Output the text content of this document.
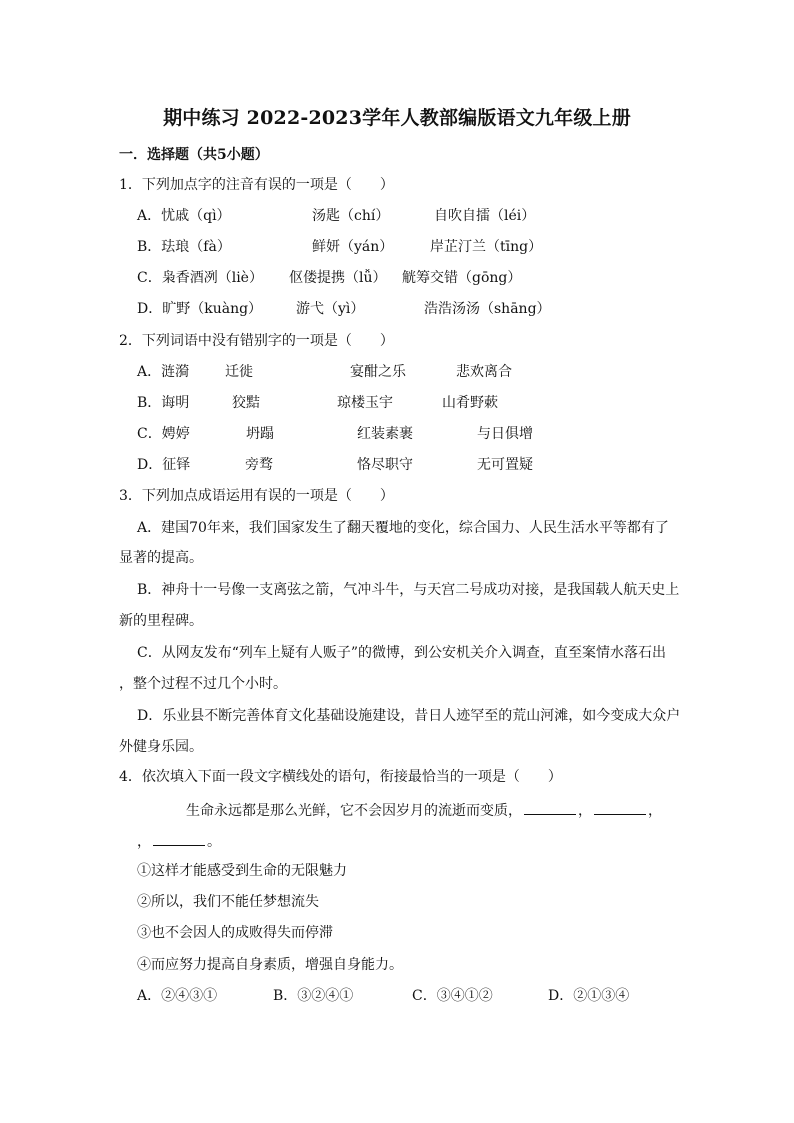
期中练习 2022-2023学年人教部编版语文九年级上册
一．选择题（共5小题）
1．下列加点字的注音有误的一项是（　　）
A．忧戚（qì）	汤匙（chí）	自吹自擂（léi）
B．珐琅（fà）	鲜妍（yán）	岸芷汀兰（tīng）
C．枭香酒冽（liè） 伛偻提携（lǚ） 觥筹交错（gōng）
D．旷野（kuàng） 游弋（yì）	浩浩汤汤（shāng）
2．下列词语中没有错别字的一项是（　　）
A．涟漪	迁徙	宴酣之乐	悲欢离合
B．诲明	狡黠	琼楼玉宇	山肴野蔌
C．娉婷	坍蹋	红装素裹	与日俱增
D．征铎	旁骛	恪尽职守	无可置疑
3．下列加点成语运用有误的一项是（　　）
A．建国70年来，我们国家发生了翻天覆地的变化，综合国力、人民生活水平等都有了
显著的提高。
B．神舟十一号像一支离弦之箭，气冲斗牛，与天宫二号成功对接，是我国载人航天史上
新的里程碑。
C．从网友发布“列车上疑有人贩子”的微博，到公安机关介入调查，直至案情水落石出
，整个过程不过几个小时。
D．乐业县不断完善体育文化基础设施建设，昔日人迹罕至的荒山河滩，如今变成大众户
外健身乐园。
4．依次填入下面一段文字横线处的语句，衔接最恰当的一项是（　　）
生命永远都是那么光鲜，它不会因岁月的流逝而变质，	，	，
，	。
①这样才能感受到生命的无限魅力
②所以，我们不能任梦想流失
③也不会因人的成败得失而停滞
④而应努力提高自身素质，增强自身能力。
A．②④③①	B．③②④①	C．③④①②	D．②①③④
